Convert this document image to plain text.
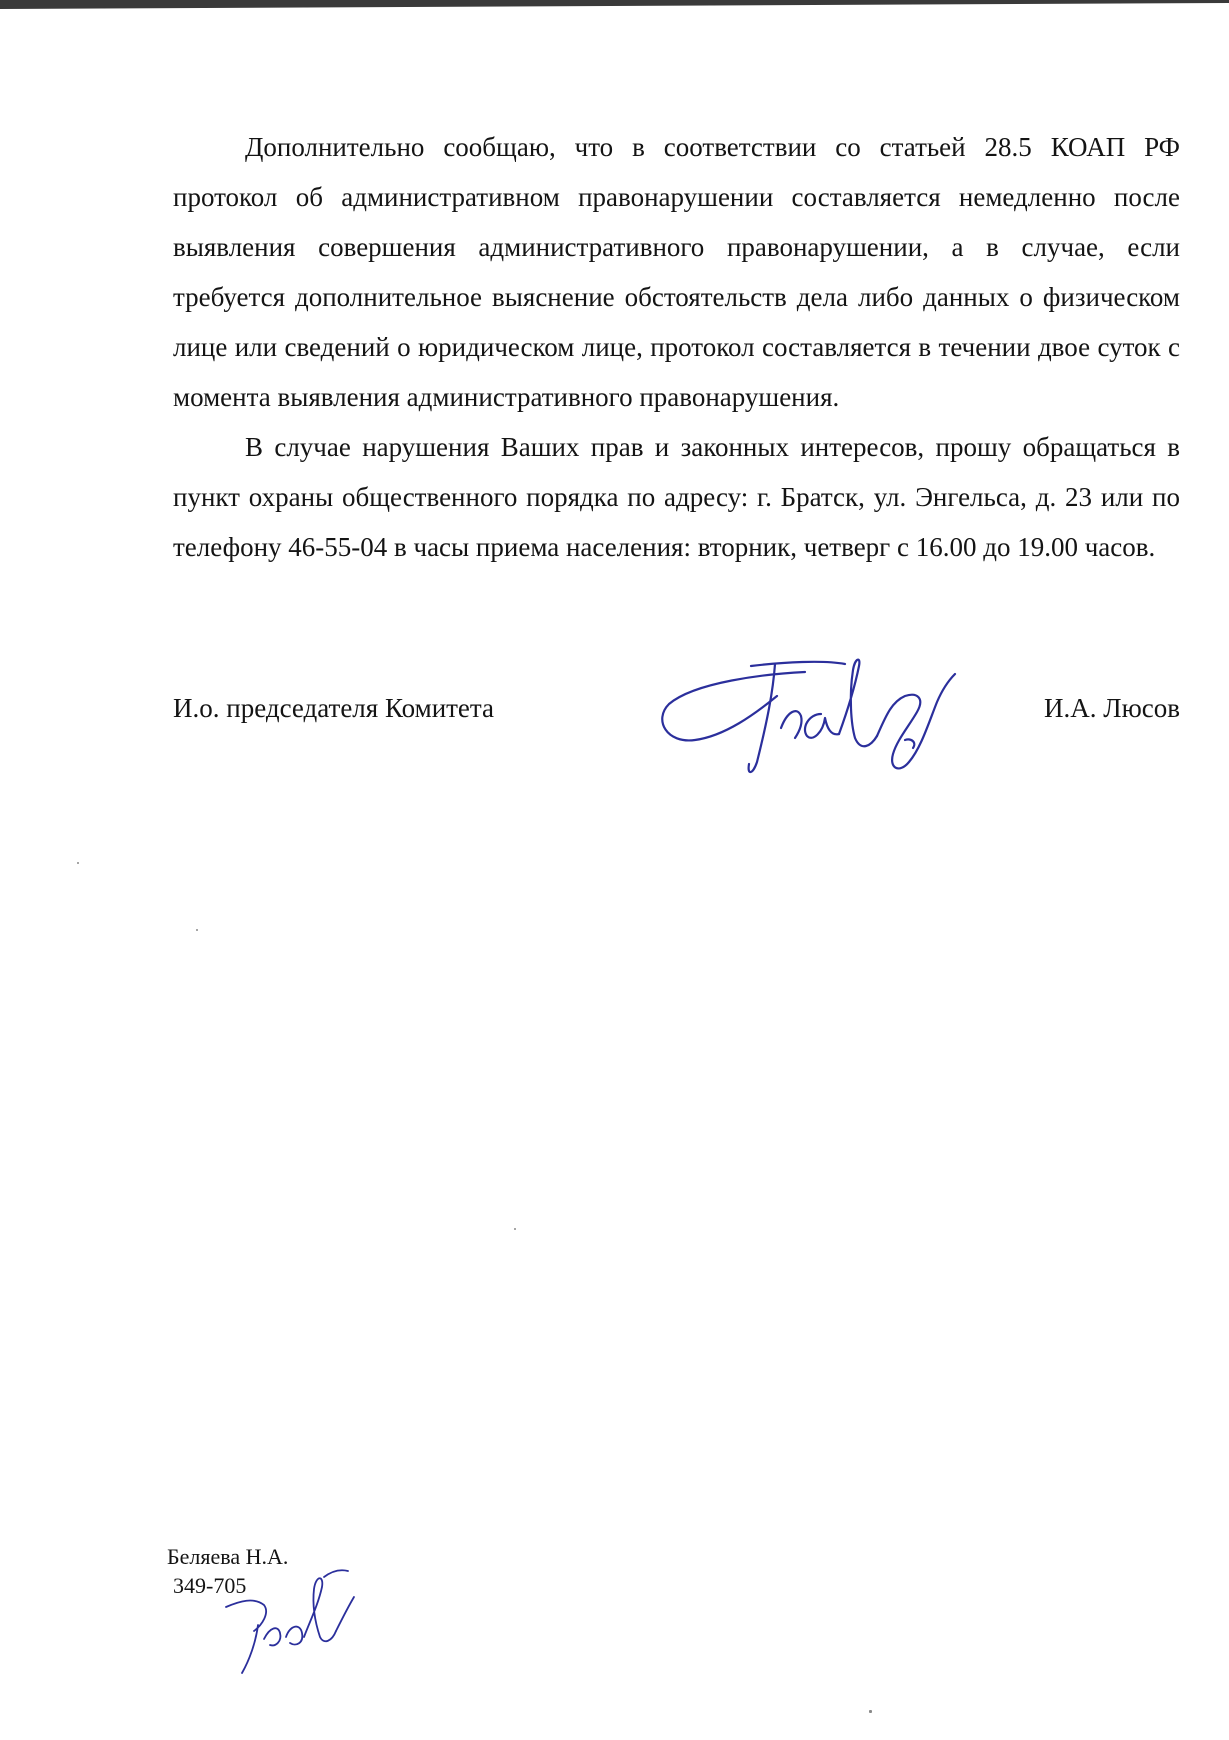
Дополнительно сообщаю, что в соответствии со статьей 28.5 КОАП РФ протокол об административном правонарушении составляется немедленно после выявления совершения административного правонарушении, а в случае, если требуется дополнительное выяснение обстоятельств дела либо данных о физическом лице или сведений о юридическом лице, протокол составляется в течении двое суток с момента выявления административного правонарушения.

В случае нарушения Ваших прав и законных интересов, прошу обращаться в пункт охраны общественного порядка по адресу: г. Братск, ул. Энгельса, д. 23 или по телефону 46-55-04 в часы приема населения: вторник, четверг с 16.00 до 19.00 часов.

И.о. председателя Комитета	И.А. Люсов
Беляева Н.А.
349-705
